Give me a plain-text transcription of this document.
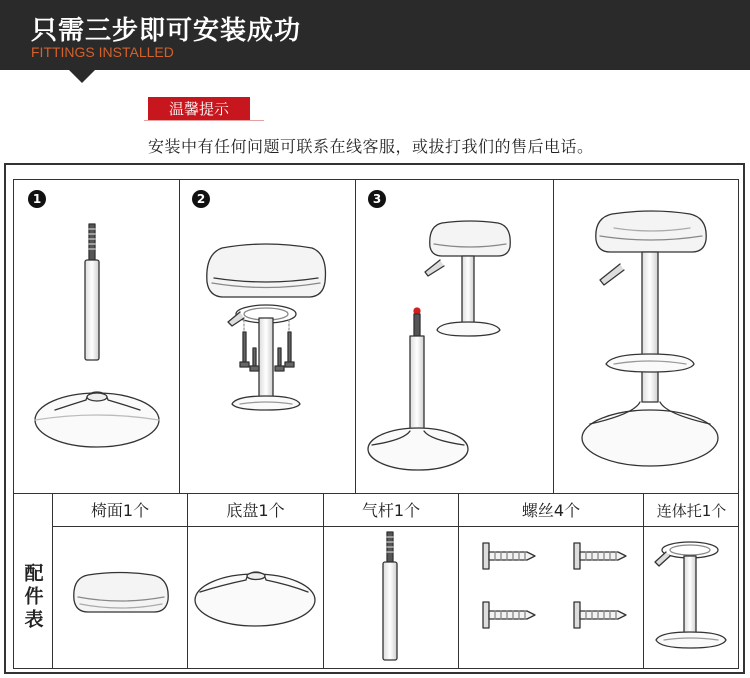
只需三步即可安装成功
FITTINGS INSTALLED
温馨提示
安装中有任何问题可联系在线客服，或拔打我们的售后电话。
1	2	3
椅面1个	底盘1个	气杆1个	螺丝4个	连体托1个
配件表
